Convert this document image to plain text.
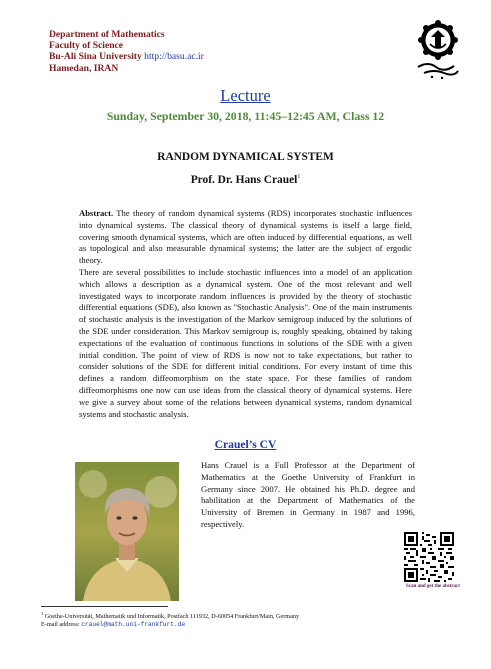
Department of Mathematics
Faculty of Science
Bu-Ali Sina University http://basu.ac.ir
Hamedan, IRAN
Lecture
Sunday, September 30, 2018, 11:45–12:45 AM, Class 12
RANDOM DYNAMICAL SYSTEM
Prof. Dr. Hans Crauel$^1$

Abstract. The theory of random dynamical systems (RDS) incorporates stochastic influences into dynamical systems. The classical theory of dynamical systems is itself a large field, covering smooth dynamical systems, which are often induced by differential equations, as well as topological and also measurable dynamical systems; the latter are the subject of ergodic theory.

There are several possibilities to include stochastic influences into a model of an application which allows a description as a dynamical system. One of the most relevant and well investigated ways to incorporate random influences is provided by the theory of stochastic differential equations (SDE), also known as "Stochastic Analysis". One of the main instruments of stochastic analysis is the investigation of the Markov semigroup induced by the solutions of the SDE under consideration. This Markov semigroup is, roughly speaking, obtained by taking expectations of the evaluation of continuous functions in solutions of the SDE with a given initial condition. The point of view of RDS is now not to take expectations, but rather to consider solutions of the SDE for different initial conditions. For every instant of time this defines a random diffeomorphism on the state space. For these families of random diffeomorphisms one now can use ideas from the classical theory of dynamical systems. Here we give a survey about some of the relations between dynamical systems, random dynamical systems and stochastic analysis.

Crauel’s CV
Hans Crauel is a Full Professor at the Department of Mathematics at the Goethe University of Frankfurt in Germany since 2007. He obtained his Ph.D. degree and habilitation at the Department of Mathematics of the University of Bremen in Germany in 1987 and 1996, respectively.
Scan and get the abstract
$^1$ Goethe-Universität, Mathematik und Informatik, Postfach 111932, D-60054 Frankfurt/Main, Germany
E-mail address: crauel@math.uni-frankfurt.de
